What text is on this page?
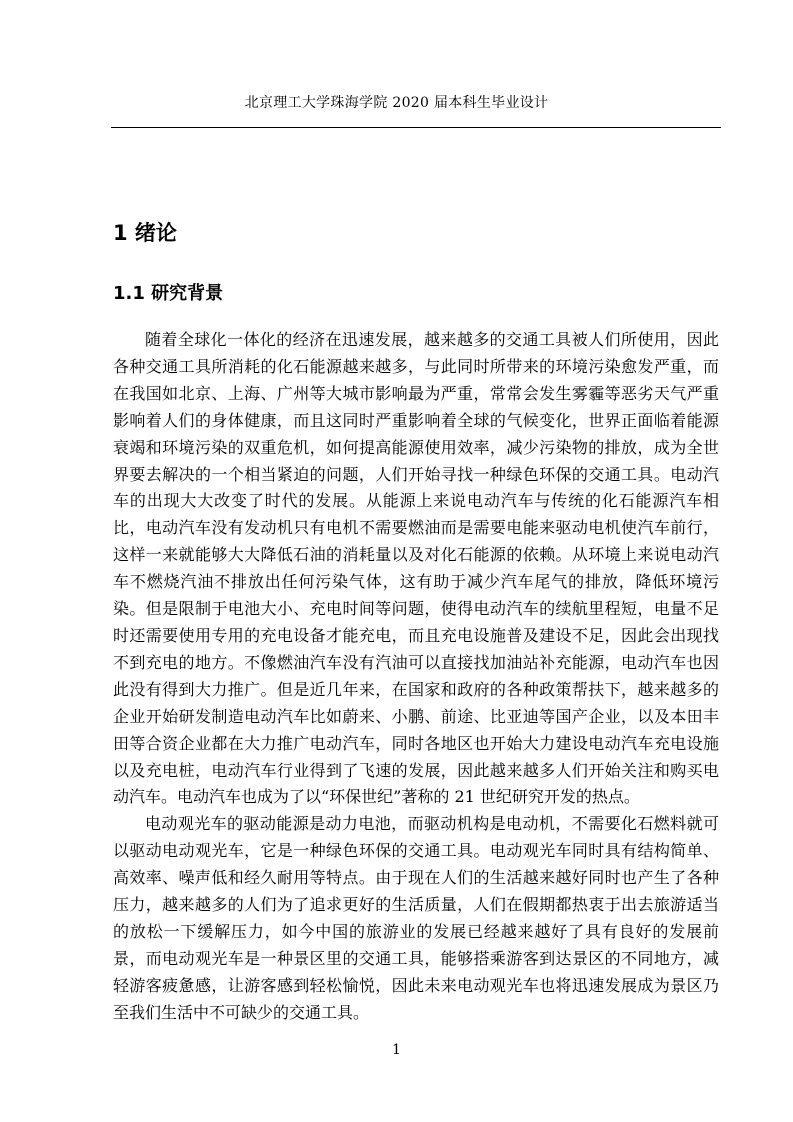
北京理工大学珠海学院 2020 届本科生毕业设计
1 绪论
1.1 研究背景

随着全球化一体化的经济在迅速发展，越来越多的交通工具被人们所使用，因此各种交通工具所消耗的化石能源越来越多，与此同时所带来的环境污染愈发严重，而在我国如北京、上海、广州等大城市影响最为严重，常常会发生雾霾等恶劣天气严重影响着人们的身体健康，而且这同时严重影响着全球的气候变化，世界正面临着能源衰竭和环境污染的双重危机，如何提高能源使用效率，减少污染物的排放，成为全世界要去解决的一个相当紧迫的问题，人们开始寻找一种绿色环保的交通工具。电动汽车的出现大大改变了时代的发展。从能源上来说电动汽车与传统的化石能源汽车相比，电动汽车没有发动机只有电机不需要燃油而是需要电能来驱动电机使汽车前行，这样一来就能够大大降低石油的消耗量以及对化石能源的依赖。从环境上来说电动汽车不燃烧汽油不排放出任何污染气体，这有助于减少汽车尾气的排放，降低环境污染。但是限制于电池大小、充电时间等问题，使得电动汽车的续航里程短，电量不足时还需要使用专用的充电设备才能充电，而且充电设施普及建设不足，因此会出现找不到充电的地方。不像燃油汽车没有汽油可以直接找加油站补充能源，电动汽车也因此没有得到大力推广。但是近几年来，在国家和政府的各种政策帮扶下，越来越多的企业开始研发制造电动汽车比如蔚来、小鹏、前途、比亚迪等国产企业，以及本田丰田等合资企业都在大力推广电动汽车，同时各地区也开始大力建设电动汽车充电设施以及充电桩，电动汽车行业得到了飞速的发展，因此越来越多人们开始关注和购买电动汽车。电动汽车也成为了以“环保世纪”著称的 21 世纪研究开发的热点。

电动观光车的驱动能源是动力电池，而驱动机构是电动机，不需要化石燃料就可以驱动电动观光车，它是一种绿色环保的交通工具。电动观光车同时具有结构简单、高效率、噪声低和经久耐用等特点。由于现在人们的生活越来越好同时也产生了各种压力，越来越多的人们为了追求更好的生活质量，人们在假期都热衷于出去旅游适当的放松一下缓解压力，如今中国的旅游业的发展已经越来越好了具有良好的发展前景，而电动观光车是一种景区里的交通工具，能够搭乘游客到达景区的不同地方，减轻游客疲惫感，让游客感到轻松愉悦，因此未来电动观光车也将迅速发展成为景区乃至我们生活中不可缺少的交通工具。

1
